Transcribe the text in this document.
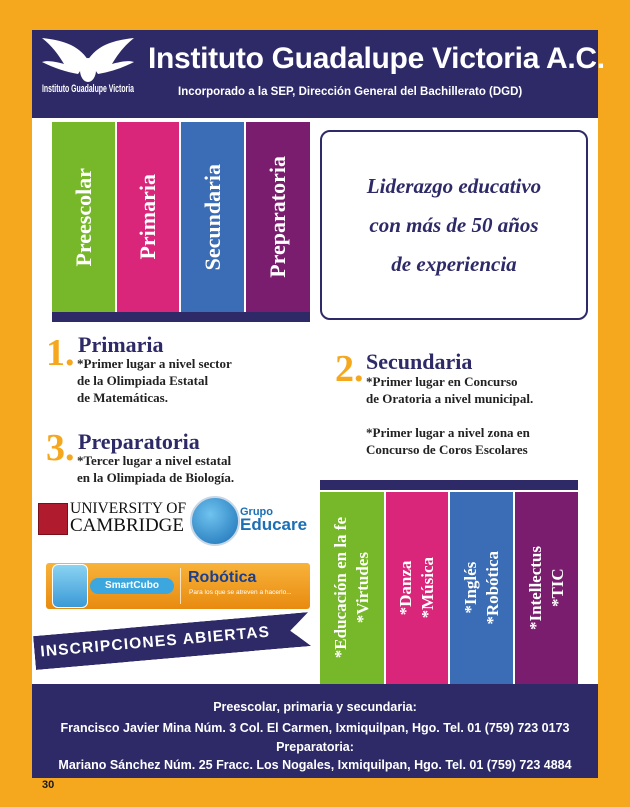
Instituto Guadalupe Victoria
Instituto Guadalupe Victoria A.C.
Incorporado a la SEP, Dirección General del Bachillerato (DGD)
Preescolar Primaria Secundaria Preparatoria	Liderazgo educativo
con más de 50 años
de experiencia
1. Primaria
*Primer lugar a nivel sector
de la Olimpiada Estatal
de Matemáticas.
2. Secundaria
*Primer lugar en Concurso
de Oratoria a nivel municipal.
*Primer lugar a nivel zona en
Concurso de Coros Escolares
3. Preparatoria
*Tercer lugar a nivel estatal
en la Olimpiada de Biología.
UNIVERSITY OF
CAMBRIDGE
Grupo
Educare
SmartCubo	Robótica
Para los que se atreven a hacerlo...
INSCRIPCIONES ABIERTAS	*Educación en la fe
*Virtudes *Danza
*Música *Inglés
*Robótica *Intellectus
*TIC
Preescolar, primaria y secundaria:
Francisco Javier Mina Núm. 3 Col. El Carmen, Ixmiquilpan, Hgo. Tel. 01 (759) 723 0173
Preparatoria:
Mariano Sánchez Núm. 25 Fracc. Los Nogales, Ixmiquilpan, Hgo. Tel. 01 (759) 723 4884
30
